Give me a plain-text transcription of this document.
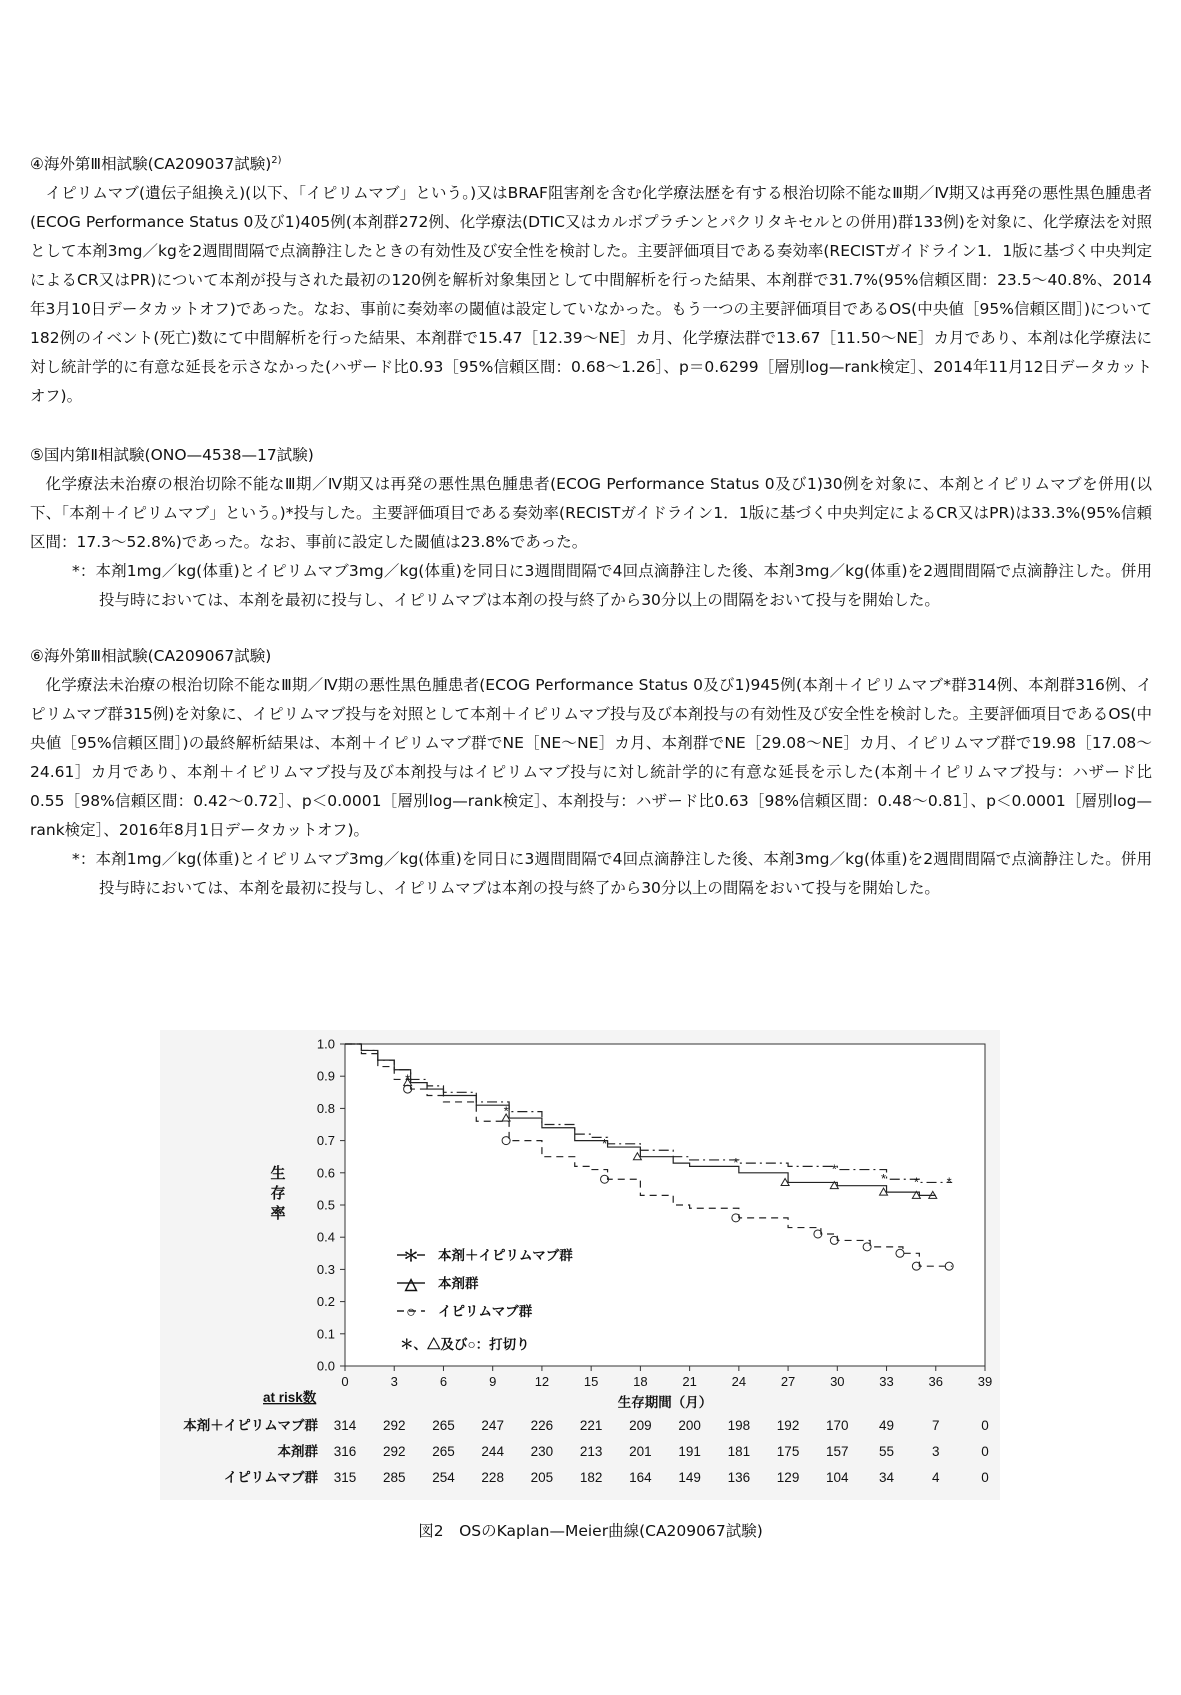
④海外第Ⅲ相試験(CA209037試験)$^{2)}$

イピリムマブ(遺伝子組換え)(以下、「イピリムマブ」という。)又はBRAF阻害剤を含む化学療法歴を有する根治切除不能なⅢ期／Ⅳ期又は再発の悪性黒色腫患者(ECOG Performance Status 0及び1)405例(本剤群272例、化学療法(DTIC又はカルボプラチンとパクリタキセルとの併用)群133例)を対象に、化学療法を対照として本剤3mg／kgを2週間間隔で点滴静注したときの有効性及び安全性を検討した。主要評価項目である奏効率(RECISTガイドライン1．1版に基づく中央判定によるCR又はPR)について本剤が投与された最初の120例を解析対象集団として中間解析を行った結果、本剤群で31.7%(95%信頼区間：23.5～40.8%、2014年3月10日データカットオフ)であった。なお、事前に奏効率の閾値は設定していなかった。もう一つの主要評価項目であるOS(中央値［95%信頼区間］)について182例のイベント(死亡)数にて中間解析を行った結果、本剤群で15.47［12.39～NE］カ月、化学療法群で13.67［11.50～NE］カ月であり、本剤は化学療法に対し統計学的に有意な延長を示さなかった(ハザード比0.93［95%信頼区間：0.68～1.26］、p＝0.6299［層別log—rank検定］、2014年11月12日データカットオフ)。

⑤国内第Ⅱ相試験(ONO—4538—17試験)

化学療法未治療の根治切除不能なⅢ期／Ⅳ期又は再発の悪性黒色腫患者(ECOG Performance Status 0及び1)30例を対象に、本剤とイピリムマブを併用(以下、「本剤＋イピリムマブ」という。)*投与した。主要評価項目である奏効率(RECISTガイドライン1．1版に基づく中央判定によるCR又はPR)は33.3%(95%信頼区間：17.3～52.8%)であった。なお、事前に設定した閾値は23.8%であった。

*：本剤1mg／kg(体重)とイピリムマブ3mg／kg(体重)を同日に3週間間隔で4回点滴静注した後、本剤3mg／kg(体重)を2週間間隔で点滴静注した。併用投与時においては、本剤を最初に投与し、イピリムマブは本剤の投与終了から30分以上の間隔をおいて投与を開始した。

⑥海外第Ⅲ相試験(CA209067試験)

化学療法未治療の根治切除不能なⅢ期／Ⅳ期の悪性黒色腫患者(ECOG Performance Status 0及び1)945例(本剤＋イピリムマブ*群314例、本剤群316例、イピリムマブ群315例)を対象に、イピリムマブ投与を対照として本剤＋イピリムマブ投与及び本剤投与の有効性及び安全性を検討した。主要評価項目であるOS(中央値［95%信頼区間］)の最終解析結果は、本剤＋イピリムマブ群でNE［NE～NE］カ月、本剤群でNE［29.08～NE］カ月、イピリムマブ群で19.98［17.08～24.61］カ月であり、本剤＋イピリムマブ投与及び本剤投与はイピリムマブ投与に対し統計学的に有意な延長を示した(本剤＋イピリムマブ投与：ハザード比0.55［98%信頼区間：0.42～0.72］、p＜0.0001［層別log—rank検定］、本剤投与：ハザード比0.63［98%信頼区間：0.48～0.81］、p＜0.0001［層別log—rank検定］、2016年8月1日データカットオフ)。

*：本剤1mg／kg(体重)とイピリムマブ3mg／kg(体重)を同日に3週間間隔で4回点滴静注した後、本剤3mg／kg(体重)を2週間間隔で点滴静注した。併用投与時においては、本剤を最初に投与し、イピリムマブは本剤の投与終了から30分以上の間隔をおいて投与を開始した。

0.0
0.1
0.2
0.3
0.4
0.5
0.6
0.7
0.8
0.9
1.0
生
存
率
0	3	6	9	12	15	18	21	24	27	30	33	36	39
生存期間（月）
*
*
*
*	*
* * *
＊ 本剤＋イピリムマブ群
△ 本剤群
○ イピリムマブ群
＊、△及び○：打切り
at risk数
本剤＋イピリムマブ群 314 292 265 247 226 221 209 200 198 192 170 49	7	0
本剤群 316 292 265 244 230 213 201 191 181 175 157 55	3	0
イピリムマブ群 315 285 254 228 205 182 164 149 136 129 104 34	4	0
図2　OSのKaplan—Meier曲線(CA209067試験)
